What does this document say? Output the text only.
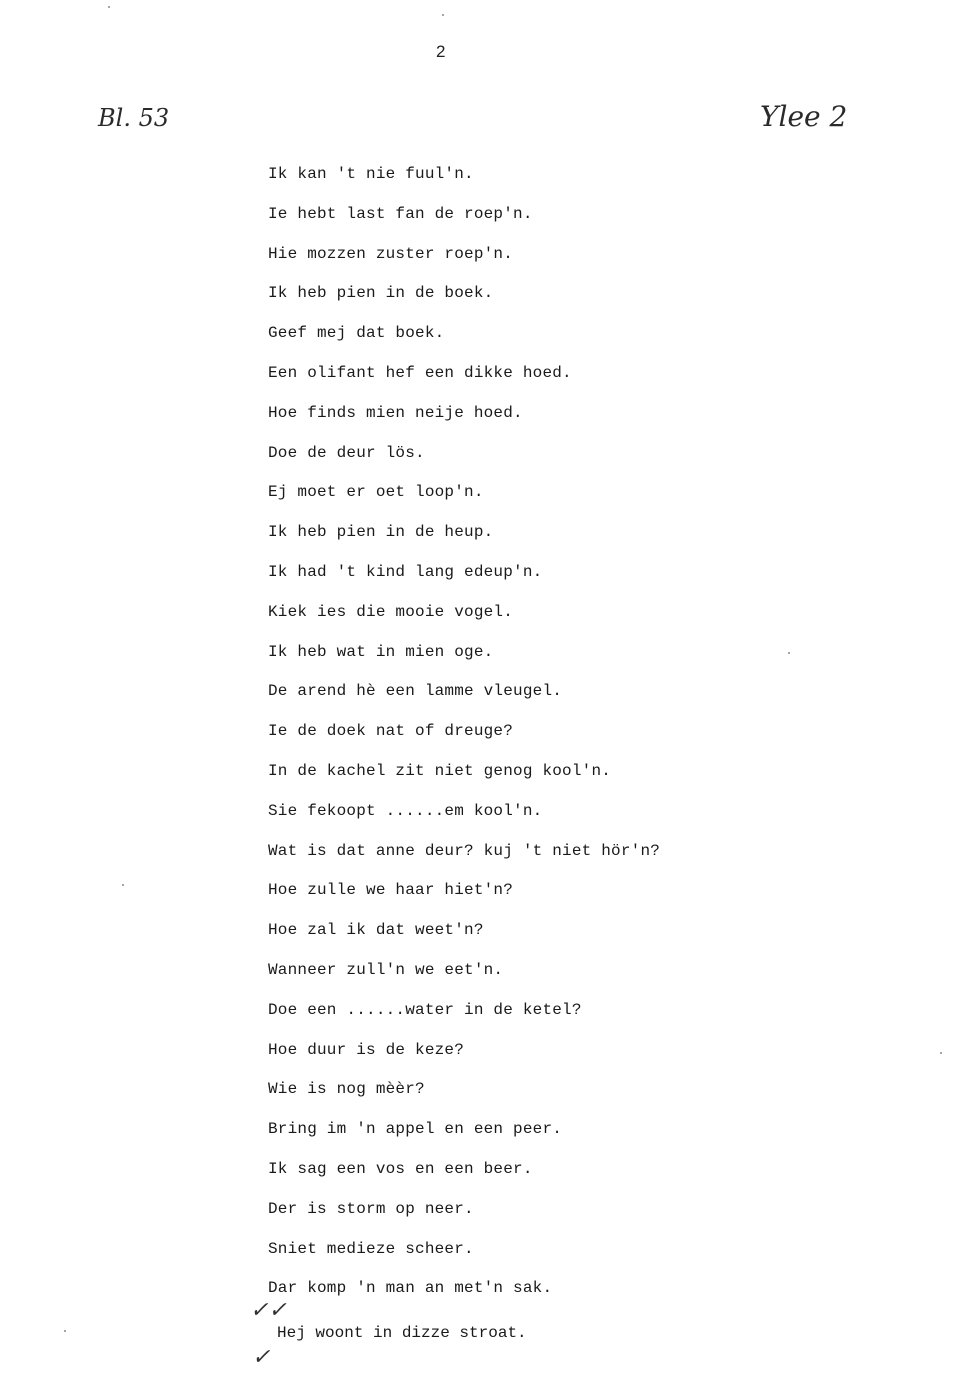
2
Bl. 53	Ylee 2
Ik kan 't nie fuul'n.
Ie hebt last fan de roep'n.
Hie mozzen zuster roep'n.
Ik heb pien in de boek.
Geef mej dat boek.
Een olifant hef een dikke hoed.
Hoe finds mien neije hoed.
Doe de deur lös.
Ej moet er oet loop'n.
Ik heb pien in de heup.
Ik had 't kind lang edeup'n.
Kiek ies die mooie vogel.
Ik heb wat in mien oge.
De arend hè een lamme vleugel.
Ie de doek nat of dreuge?
In de kachel zit niet genog kool'n.
Sie fekoopt ......em kool'n.
Wat is dat anne deur? kuj 't niet hör'n?
Hoe zulle we haar hiet'n?
Hoe zal ik dat weet'n?
Wanneer zull'n we eet'n.
Doe een ......water in de ketel?
Hoe duur is de keze?
Wie is nog mèèr?
Bring im 'n appel en een peer.
Ik sag een vos en een beer.
Der is storm op neer.
Sniet medieze scheer.
Dar komp 'n man an met'n sak.
✓✓
Hej woont in dizze stroat.
✓
